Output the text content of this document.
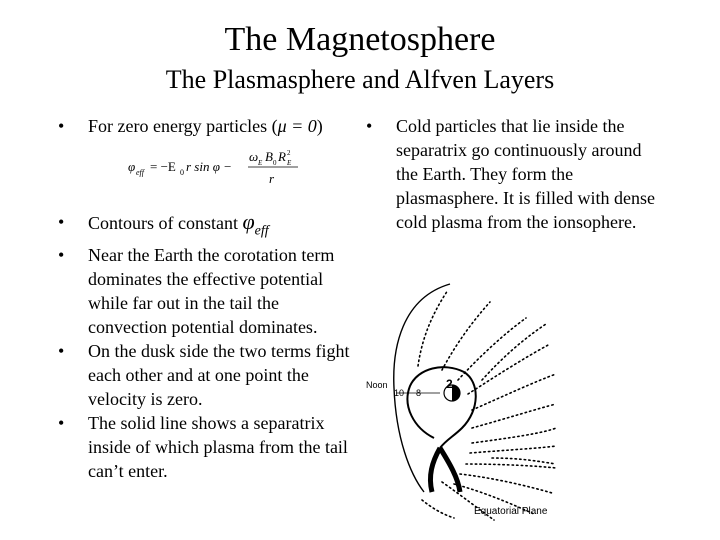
The Magnetosphere
The Plasmasphere and Alfven Layers
•	For zero energy particles (μ = 0)
•	Contours of constant $\varphi_{eff}$
•	Near the Earth the corotation term dominates the effective potential while far out in the tail the convection potential dominates.
•	On the dusk side the two terms fight each other and at one point the velocity is zero.
•	The solid line shows a separatrix inside of which plasma from the tail can’t enter.
φ eff = −E 0 r sin φ −
ω E B 0 R 2
E
r
•	Cold particles that lie inside the separatrix go continuously around the Earth. They form the plasmasphere. It is filled with dense cold plasma from the ionsophere.
Noon
10 8
2
Equatorial Plane
